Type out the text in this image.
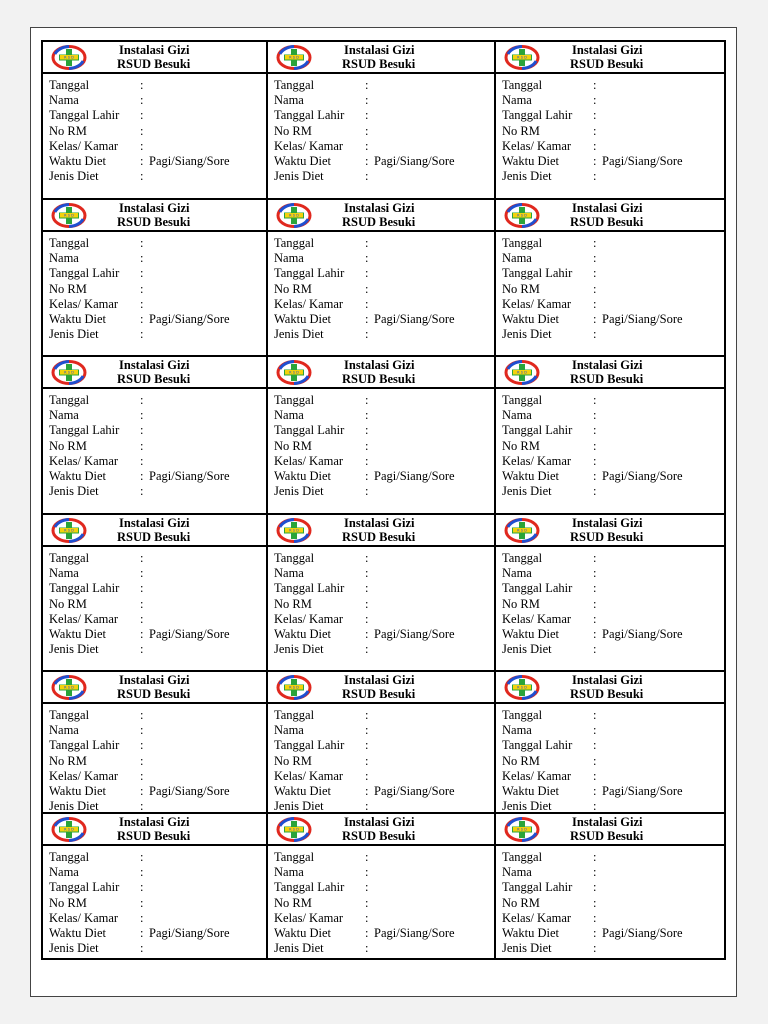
R S D
Instalasi Gizi
RSUD Besuki
Tanggal	:
Nama	:
Tanggal Lahir :
No RM	:
Kelas/ Kamar :
Waktu Diet	: Pagi/Siang/Sore
Jenis Diet	:
R S D
Instalasi Gizi
RSUD Besuki
Tanggal	:
Nama	:
Tanggal Lahir :
No RM	:
Kelas/ Kamar :
Waktu Diet	: Pagi/Siang/Sore
Jenis Diet	:
R S D
Instalasi Gizi
RSUD Besuki
Tanggal	:
Nama	:
Tanggal Lahir :
No RM	:
Kelas/ Kamar :
Waktu Diet	: Pagi/Siang/Sore
Jenis Diet	:
R S D
Instalasi Gizi
RSUD Besuki
Tanggal	:
Nama	:
Tanggal Lahir :
No RM	:
Kelas/ Kamar :
Waktu Diet	: Pagi/Siang/Sore
Jenis Diet	:
R S D
Instalasi Gizi
RSUD Besuki
Tanggal	:
Nama	:
Tanggal Lahir :
No RM	:
Kelas/ Kamar :
Waktu Diet	: Pagi/Siang/Sore
Jenis Diet	:
R S D
Instalasi Gizi
RSUD Besuki
Tanggal	:
Nama	:
Tanggal Lahir :
No RM	:
Kelas/ Kamar :
Waktu Diet	: Pagi/Siang/Sore
Jenis Diet	:
R S D
Instalasi Gizi
RSUD Besuki
Tanggal	:
Nama	:
Tanggal Lahir :
No RM	:
Kelas/ Kamar :
Waktu Diet	: Pagi/Siang/Sore
Jenis Diet	:
R S D
Instalasi Gizi
RSUD Besuki
Tanggal	:
Nama	:
Tanggal Lahir :
No RM	:
Kelas/ Kamar :
Waktu Diet	: Pagi/Siang/Sore
Jenis Diet	:
R S D
Instalasi Gizi
RSUD Besuki
Tanggal	:
Nama	:
Tanggal Lahir :
No RM	:
Kelas/ Kamar :
Waktu Diet	: Pagi/Siang/Sore
Jenis Diet	:
R S D
Instalasi Gizi
RSUD Besuki
Tanggal	:
Nama	:
Tanggal Lahir :
No RM	:
Kelas/ Kamar :
Waktu Diet	: Pagi/Siang/Sore
Jenis Diet	:
R S D
Instalasi Gizi
RSUD Besuki
Tanggal	:
Nama	:
Tanggal Lahir :
No RM	:
Kelas/ Kamar :
Waktu Diet	: Pagi/Siang/Sore
Jenis Diet	:
R S D
Instalasi Gizi
RSUD Besuki
Tanggal	:
Nama	:
Tanggal Lahir :
No RM	:
Kelas/ Kamar :
Waktu Diet	: Pagi/Siang/Sore
Jenis Diet	:
R S D
Instalasi Gizi
RSUD Besuki
Tanggal	:
Nama	:
Tanggal Lahir :
No RM	:
Kelas/ Kamar :
Waktu Diet	: Pagi/Siang/Sore
Jenis Diet	:
R S D
Instalasi Gizi
RSUD Besuki
Tanggal	:
Nama	:
Tanggal Lahir :
No RM	:
Kelas/ Kamar :
Waktu Diet	: Pagi/Siang/Sore
Jenis Diet	:
R S D
Instalasi Gizi
RSUD Besuki
Tanggal	:
Nama	:
Tanggal Lahir :
No RM	:
Kelas/ Kamar :
Waktu Diet	: Pagi/Siang/Sore
Jenis Diet	:
R S D
Instalasi Gizi
RSUD Besuki
Tanggal	:
Nama	:
Tanggal Lahir :
No RM	:
Kelas/ Kamar :
Waktu Diet	: Pagi/Siang/Sore
Jenis Diet	:
R S D
Instalasi Gizi
RSUD Besuki
Tanggal	:
Nama	:
Tanggal Lahir :
No RM	:
Kelas/ Kamar :
Waktu Diet	: Pagi/Siang/Sore
Jenis Diet	:
R S D
Instalasi Gizi
RSUD Besuki
Tanggal	:
Nama	:
Tanggal Lahir :
No RM	:
Kelas/ Kamar :
Waktu Diet	: Pagi/Siang/Sore
Jenis Diet	:
